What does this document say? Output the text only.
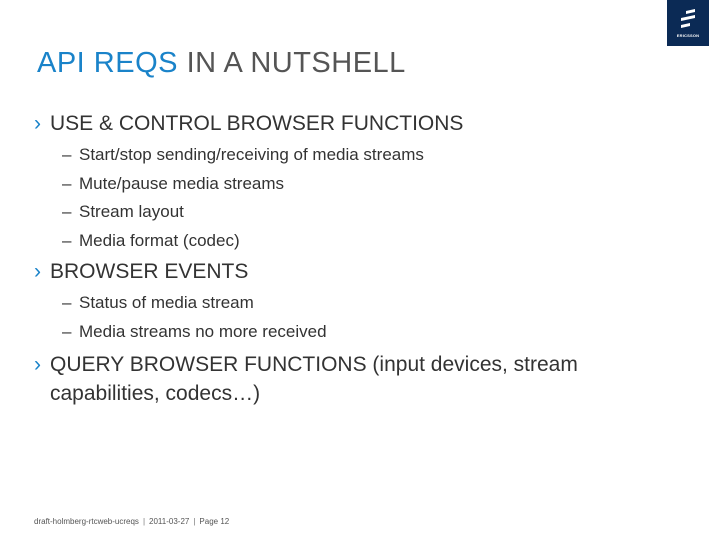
ERICSSON
API REQS IN A NUTSHELL
› USE & CONTROL BROWSER FUNCTIONS
– Start/stop sending/receiving of media streams
– Mute/pause media streams
– Stream layout
– Media format (codec)
› BROWSER EVENTS
– Status of media stream
– Media streams no more received
› QUERY BROWSER FUNCTIONS (input devices, stream
capabilities, codecs…)
draft-holmberg-rtcweb-ucreqs | 2011-03-27 | Page 12
